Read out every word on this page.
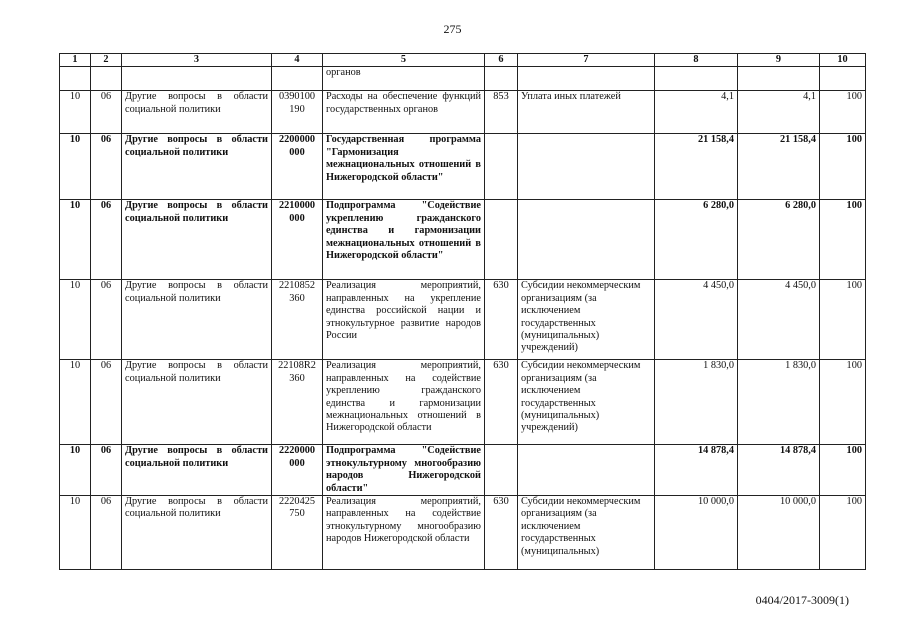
275
1	2	3	4	5	6	7	8	9	10
				органов					
10	06	Другие вопросы в области социальной политики	0390100 190	Расходы на обеспечение функций государственных органов	853	Уплата иных платежей	4,1	4,1	100
10	06	Другие вопросы в области социальной политики	2200000 000	Государственная программа "Гармонизация межнациональных отношений в Нижегородской области"			21 158,4	21 158,4	100
10	06	Другие вопросы в области социальной политики	2210000 000	Подпрограмма "Содействие укреплению гражданского единства и гармонизации межнациональных отношений в Нижегородской области"			6 280,0	6 280,0	100
10	06	Другие вопросы в области социальной политики	2210852 360	Реализация мероприятий, направленных на укрепление единства российской нации и этнокультурное развитие народов России	630	Субсидии некоммерческим организациям (за исключением государственных (муниципальных) учреждений)	4 450,0	4 450,0	100
10	06	Другие вопросы в области социальной политики	22108R2 360	Реализация мероприятий, направленных на содействие укреплению гражданского единства и гармонизации межнациональных отношений в Нижегородской области	630	Субсидии некоммерческим организациям (за исключением государственных (муниципальных) учреждений)	1 830,0	1 830,0	100
10	06	Другие вопросы в области социальной политики	2220000 000	Подпрограмма "Содействие этнокультурному многообразию народов Нижегородской области"			14 878,4	14 878,4	100
10	06	Другие вопросы в области социальной политики	2220425 750	Реализация мероприятий, направленных на содействие этнокультурному многообразию народов Нижегородской области	630	Субсидии некоммерческим организациям (за исключением государственных (муниципальных)	10 000,0	10 000,0	100
0404/2017-3009(1)
